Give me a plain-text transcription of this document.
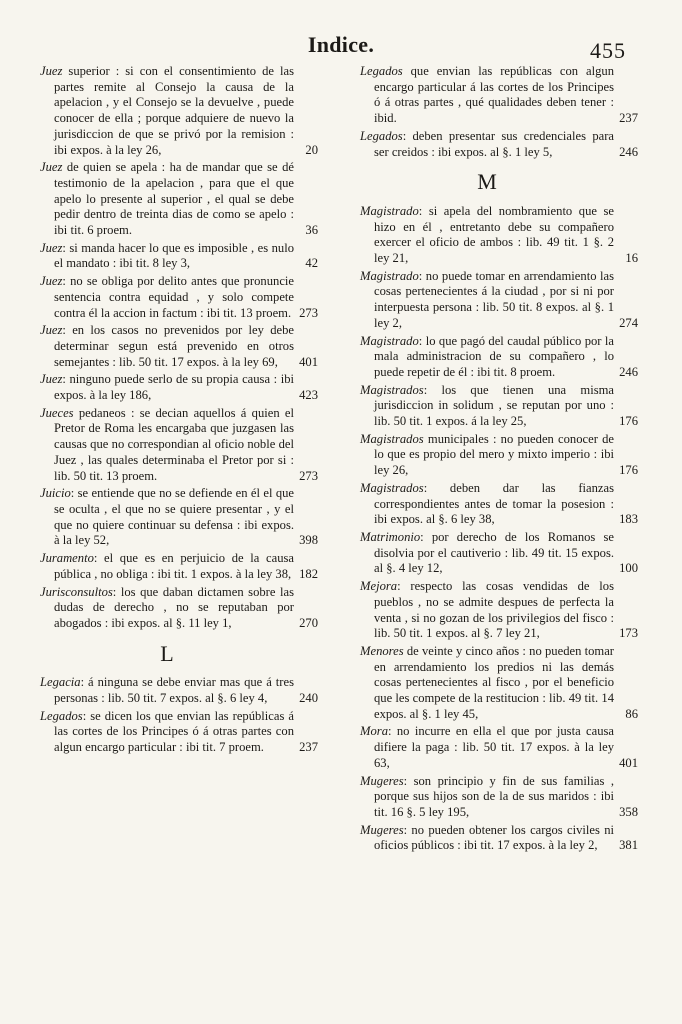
Indice.	455

Juez superior : si con el consentimiento de las partes remite al Consejo la causa de la apelacion , y el Consejo se la devuelve , puede conocer de ella ; porque adquiere de nuevo la jurisdiccion de que se privó por la remision : ibi expos. à la ley 26,	20

Juez de quien se apela : ha de mandar que se dé testimonio de la apelacion , para que el que apelo lo presente al superior , el qual se debe pedir dentro de treinta dias de como se apelo : ibi tit. 6 proem.	36

Juez: si manda hacer lo que es imposible , es nulo el mandato : ibi tit. 8 ley 3,	42

Juez: no se obliga por delito antes que pronuncie sentencia contra equidad , y solo compete contra él la accion in factum : ibi tit. 13 proem. 273

Juez: en los casos no prevenidos por ley debe determinar segun está prevenido en otros semejantes : lib. 50 tit. 17 expos. à la ley 69, 401

Juez: ninguno puede serlo de su propia causa : ibi expos. à la ley 186,	423

Jueces pedaneos : se decian aquellos á quien el Pretor de Roma les encargaba que juzgasen las causas que no correspondian al oficio noble del Juez , las quales determinaba el Pretor por si : lib. 50 tit. 13 proem.	273

Juicio: se entiende que no se defiende en él el que se oculta , el que no se quiere presentar , y el que no quiere continuar su defensa : ibi expos. à la ley 52,	398

Juramento: el que es en perjuicio de la causa pública , no obliga : ibi tit. 1 expos. à la ley 38, 182

Jurisconsultos: los que daban dictamen sobre las dudas de derecho , no se reputaban por abogados : ibi expos. al §. 11 ley 1,	270

L

Legacia: á ninguna se debe enviar mas que á tres personas : lib. 50 tit. 7 expos. al §. 6 ley 4,	240

Legados: se dicen los que envian las repúblicas á las cortes de los Principes ó á otras partes con algun encargo particular : ibi tit. 7 proem.	237

Legados que envian las repúblicas con algun encargo particular á las cortes de los Principes ó á otras partes , qué qualidades deben tener : ibid.	237

Legados: deben presentar sus credenciales para ser creidos : ibi expos. al §. 1 ley 5,	246

M

Magistrado: si apela del nombramiento que se hizo en él , entretanto debe su compañero exercer el oficio de ambos : lib. 49 tit. 1 §. 2 ley 21,	16

Magistrado: no puede tomar en arrendamiento las cosas pertenecientes á la ciudad , por si ni por interpuesta persona : lib. 50 tit. 8 expos. al §. 1 ley 2,	274

Magistrado: lo que pagó del caudal público por la mala administracion de su compañero , lo puede repetir de él : ibi tit. 8 proem.	246

Magistrados: los que tienen una misma jurisdiccion in solidum , se reputan por uno : lib. 50 tit. 1 expos. á la ley 25,	176

Magistrados municipales : no pueden conocer de lo que es propio del mero y mixto imperio : ibi ley 26,	176

Magistrados: deben dar las fianzas correspondientes antes de tomar la posesion : ibi expos. al §. 6 ley 38,	183

Matrimonio: por derecho de los Romanos se disolvia por el cautiverio : lib. 49 tit. 15 expos. al §. 4 ley 12,	100

Mejora: respecto las cosas vendidas de los pueblos , no se admite despues de perfecta la venta , si no gozan de los privilegios del fisco : lib. 50 tit. 1 expos. al §. 7 ley 21,	173

Menores de veinte y cinco años : no pueden tomar en arrendamiento los predios ni las demás cosas pertenecientes al fisco , por el beneficio que les compete de la restitucion : lib. 49 tit. 14 expos. al §. 1 ley 45,	86

Mora: no incurre en ella el que por justa causa difiere la paga : lib. 50 tit. 17 expos. à la ley 63,	401

Mugeres: son principio y fin de sus familias , porque sus hijos son de la de sus maridos : ibi tit. 16 §. 5 ley 195,	358

Mugeres: no pueden obtener los cargos civiles ni oficios públicos : ibi tit. 17 expos. à la ley 2, 381
